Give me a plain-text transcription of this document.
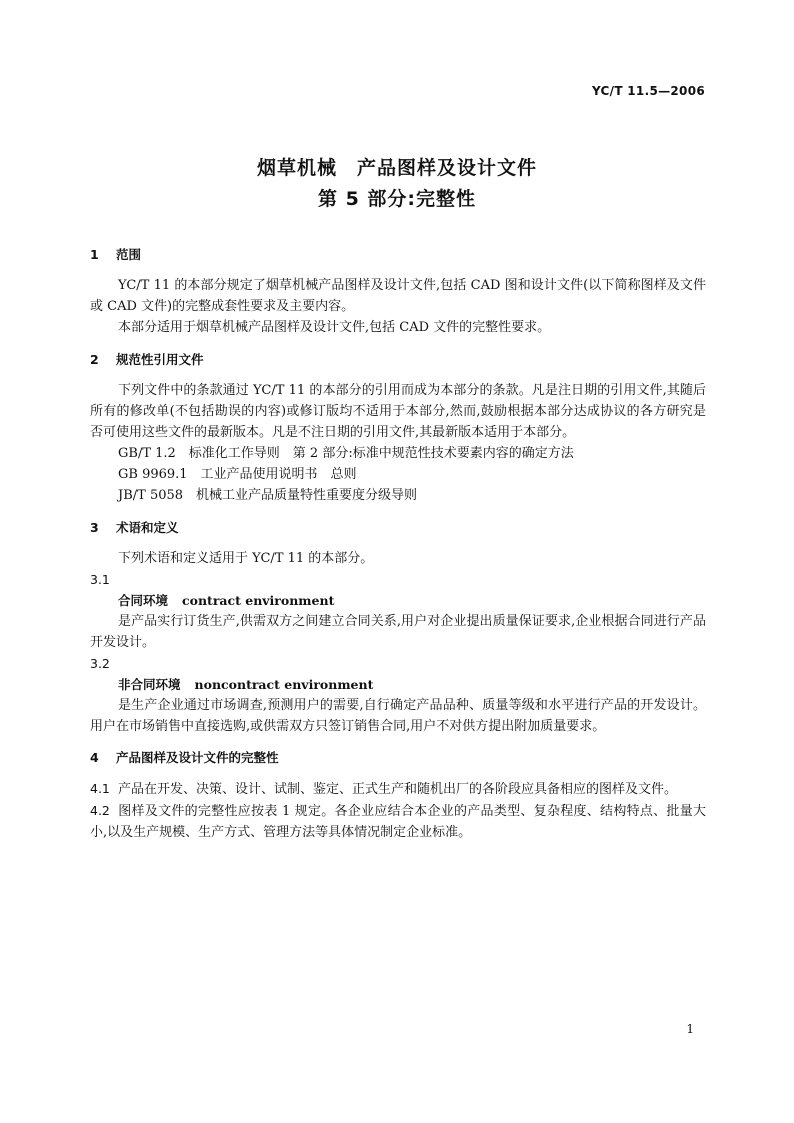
YC/T 11.5—2006
烟草机械　产品图样及设计文件
第 5 部分:完整性
1 范围

YC/T 11 的本部分规定了烟草机械产品图样及设计文件,包括 CAD 图和设计文件(以下简称图样及文件或 CAD 文件)的完整成套性要求及主要内容。

本部分适用于烟草机械产品图样及设计文件,包括 CAD 文件的完整性要求。

2 规范性引用文件

下列文件中的条款通过 YC/T 11 的本部分的引用而成为本部分的条款。凡是注日期的引用文件,其随后所有的修改单(不包括勘误的内容)或修订版均不适用于本部分,然而,鼓励根据本部分达成协议的各方研究是否可使用这些文件的最新版本。凡是不注日期的引用文件,其最新版本适用于本部分。

GB/T 1.2　标准化工作导则　第 2 部分:标准中规范性技术要素内容的确定方法

GB 9969.1　工业产品使用说明书　总则

JB/T 5058　机械工业产品质量特性重要度分级导则

3 术语和定义

下列术语和定义适用于 YC/T 11 的本部分。

3.1

合同环境 contract environment

是产品实行订货生产,供需双方之间建立合同关系,用户对企业提出质量保证要求,企业根据合同进行产品开发设计。

3.2

非合同环境 noncontract environment

是生产企业通过市场调查,预测用户的需要,自行确定产品品种、质量等级和水平进行产品的开发设计。用户在市场销售中直接选购,或供需双方只签订销售合同,用户不对供方提出附加质量要求。

4 产品图样及设计文件的完整性

4.1 产品在开发、决策、设计、试制、鉴定、正式生产和随机出厂的各阶段应具备相应的图样及文件。

4.2 图样及文件的完整性应按表 1 规定。各企业应结合本企业的产品类型、复杂程度、结构特点、批量大小,以及生产规模、生产方式、管理方法等具体情况制定企业标准。

1
